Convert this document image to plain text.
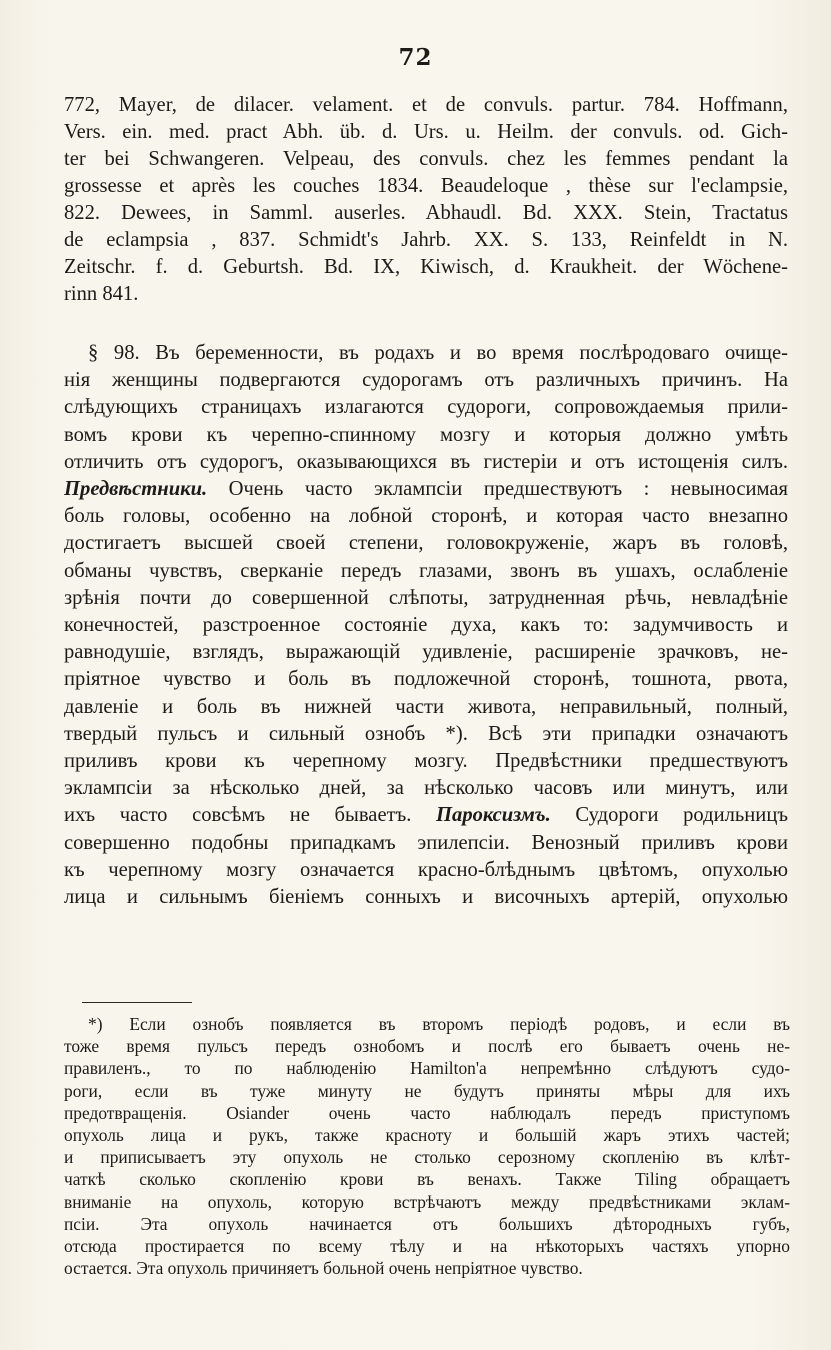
72
772, Mayer, de dilacer. velament. et de convuls. partur. 784. Hoffmann,
Vers. ein. med. pract Abh. üb. d. Urs. u. Heilm. der convuls. od. Gich-
ter bei Schwangeren. Velpeau, des convuls. chez les femmes pendant la
grossesse et après les couches 1834. Beaudeloque , thèse sur l'eclampsie,
822. Dewees, in Samml. auserles. Abhaudl. Bd. XXX. Stein, Tractatus
de eclampsia , 837. Schmidt's Jahrb. XX. S. 133, Reinfeldt in N.
Zeitschr. f. d. Geburtsh. Bd. IX, Kiwisch, d. Kraukheit. der Wöchene-
rinn 841.
§ 98. Въ беременности, въ родахъ и во время послѣродоваго очище-
нія женщины подвергаются судорогамъ отъ различныхъ причинъ. На
слѣдующихъ страницахъ излагаются судороги, сопровождаемыя прили-
вомъ крови къ черепно-спинному мозгу и которыя должно умѣть
отличить отъ судорогъ, оказывающихся въ гистеріи и отъ истощенія силъ.
Предвѣстники. Очень часто эклампсіи предшествуютъ : невыносимая
боль головы, особенно на лобной сторонѣ, и которая часто внезапно
достигаетъ высшей своей степени, головокруженіе, жаръ въ головѣ,
обманы чувствъ, сверканіе передъ глазами, звонъ въ ушахъ, ослабленіе
зрѣнія почти до совершенной слѣпоты, затрудненная рѣчь, невладѣніе
конечностей, разстроенное состояніе духа, какъ то: задумчивость и
равнодушіе, взглядъ, выражающій удивленіе, расширеніе зрачковъ, не-
пріятное чувство и боль въ подложечной сторонѣ, тошнота, рвота,
давленіе и боль въ нижней части живота, неправильный, полный,
твердый пульсъ и сильный ознобъ *). Всѣ эти припадки означаютъ
приливъ крови къ черепному мозгу. Предвѣстники предшествуютъ
эклампсіи за нѣсколько дней, за нѣсколько часовъ или минутъ, или
ихъ часто совсѣмъ не бываетъ. Пароксизмъ. Судороги родильницъ
совершенно подобны припадкамъ эпилепсіи. Венозный приливъ крови
къ черепному мозгу означается красно-блѣднымъ цвѣтомъ, опухолью
лица и сильнымъ біеніемъ сонныхъ и височныхъ артерій, опухолью
*) Если ознобъ появляется въ второмъ періодѣ родовъ, и если въ
тоже время пульсъ передъ ознобомъ и послѣ его бываетъ очень не-
правиленъ., то по наблюденію Hamilton'a непремѣнно слѣдуютъ судо-
роги, если въ туже минуту не будутъ приняты мѣры для ихъ
предотвращенія. Osiander очень часто наблюдалъ передъ приступомъ
опухоль лица и рукъ, также красноту и большій жаръ этихъ частей;
и приписываетъ эту опухоль не столько серозному скопленію въ клѣт-
чаткѣ сколько скопленію крови въ венахъ. Также Tiling обращаетъ
вниманіе на опухоль, которую встрѣчаютъ между предвѣстниками эклам-
псіи. Эта опухоль начинается отъ большихъ дѣтородныхъ губъ,
отсюда простирается по всему тѣлу и на нѣкоторыхъ частяхъ упорно
остается. Эта опухоль причиняетъ больной очень непріятное чувство.
